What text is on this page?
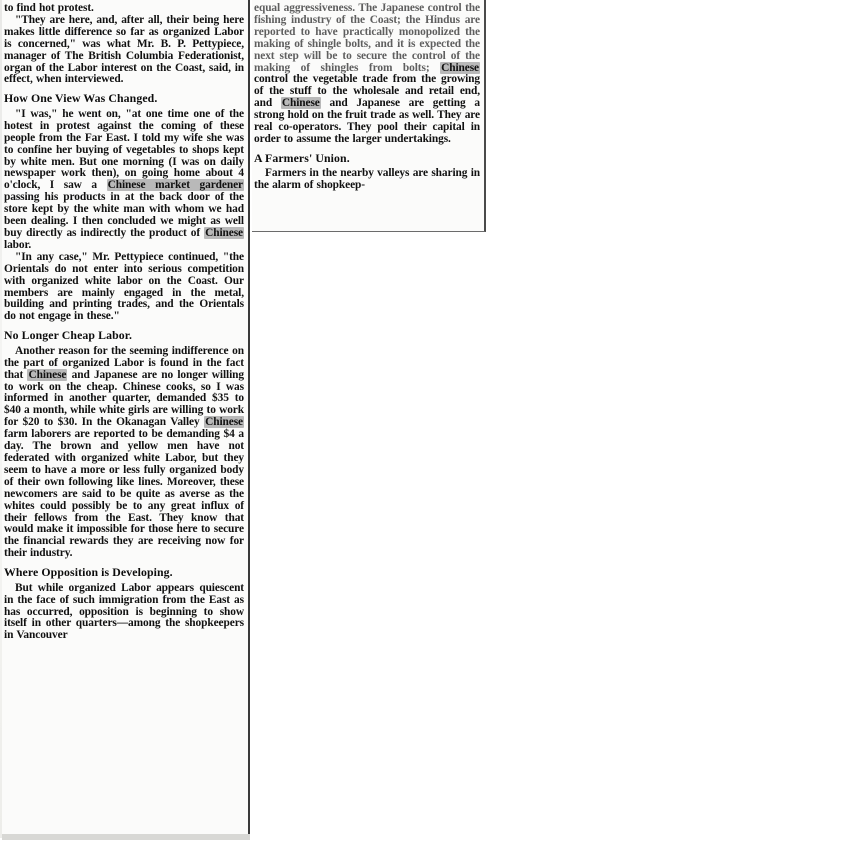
to find hot protest.

"They are here, and, after all, their being here makes little difference so far as organized Labor is concerned," was what Mr. B. P. Pettypiece, manager of The British Columbia Federationist, organ of the Labor interest on the Coast, said, in effect, when interviewed.

How One View Was Changed.

"I was," he went on, "at one time one of the hotest in protest against the coming of these people from the Far East. I told my wife she was to confine her buying of vegetables to shops kept by white men. But one morning (I was on daily newspaper work then), on going home about 4 o'clock, I saw a Chinese market gardener passing his products in at the back door of the store kept by the white man with whom we had been dealing. I then concluded we might as well buy directly as indirectly the product of Chinese labor.

"In any case," Mr. Pettypiece continued, "the Orientals do not enter into serious competition with organized white labor on the Coast. Our members are mainly engaged in the metal, building and printing trades, and the Orientals do not engage in these."

No Longer Cheap Labor.

Another reason for the seeming indifference on the part of organized Labor is found in the fact that Chinese and Japanese are no longer willing to work on the cheap. Chinese cooks, so I was informed in another quarter, demanded $35 to $40 a month, while white girls are willing to work for $20 to $30. In the Okanagan Valley Chinese farm laborers are reported to be demanding $4 a day. The brown and yellow men have not federated with organized white Labor, but they seem to have a more or less fully organized body of their own following like lines. Moreover, these newcomers are said to be quite as averse as the whites could possibly be to any great influx of their fellows from the East. They know that would make it impossible for those here to secure the financial rewards they are receiving now for their industry.

Where Opposition is Developing.

But while organized Labor appears quiescent in the face of such immigration from the East as has occurred, opposition is beginning to show itself in other quarters—among the shopkeepers in Vancouver

equal aggressiveness. The Japanese control the fishing industry of the Coast; the Hindus are reported to have practically monopolized the making of shingle bolts, and it is expected the next step will be to secure the control of the making of shingles from bolts; Chinese control the vegetable trade from the growing of the stuff to the wholesale and retail end, and Chinese and Japanese are getting a strong hold on the fruit trade as well. They are real co-operators. They pool their capital in order to assume the larger undertakings.

A Farmers' Union.

Farmers in the nearby valleys are sharing in the alarm of shopkeep-
